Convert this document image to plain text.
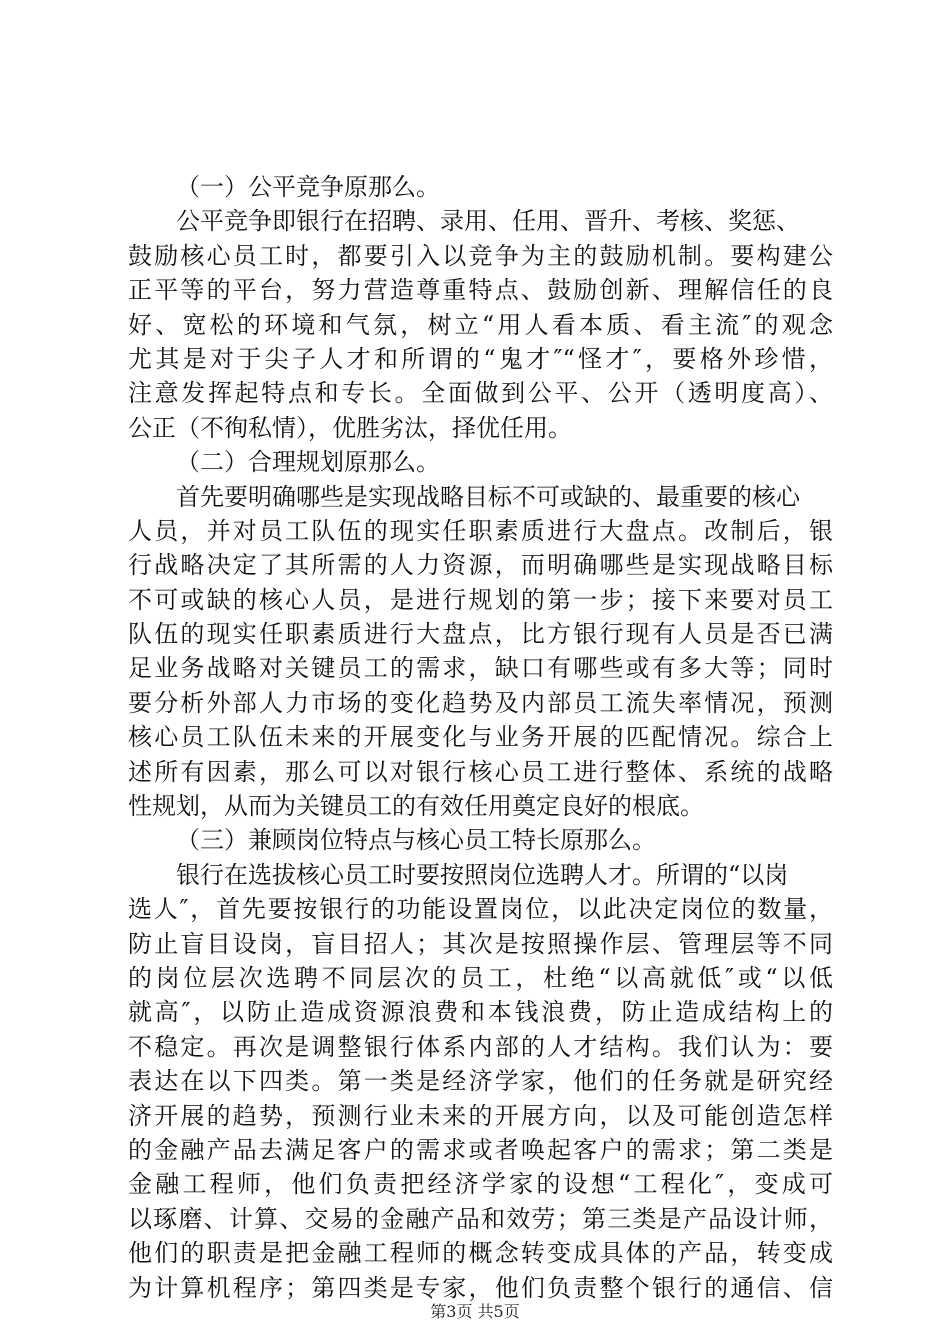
（一）公平竞争原那么。
公平竞争即银行在招聘、录用、任用、晋升、考核、奖惩、
鼓励核心员工时，都要引入以竞争为主的鼓励机制。要构建公
正平等的平台，努力营造尊重特点、鼓励创新、理解信任的良
好、宽松的环境和气氛，树立“用人看本质、看主流″的观念
尤其是对于尖子人才和所谓的“鬼才″“怪才″，要格外珍惜，
注意发挥起特点和专长。全面做到公平、公开（透明度高）、
公正（不徇私情），优胜劣汰，择优任用。
（二）合理规划原那么。
首先要明确哪些是实现战略目标不可或缺的、最重要的核心
人员，并对员工队伍的现实任职素质进行大盘点。改制后，银
行战略决定了其所需的人力资源，而明确哪些是实现战略目标
不可或缺的核心人员，是进行规划的第一步；接下来要对员工
队伍的现实任职素质进行大盘点，比方银行现有人员是否已满
足业务战略对关键员工的需求，缺口有哪些或有多大等；同时
要分析外部人力市场的变化趋势及内部员工流失率情况，预测
核心员工队伍未来的开展变化与业务开展的匹配情况。综合上
述所有因素，那么可以对银行核心员工进行整体、系统的战略
性规划，从而为关键员工的有效任用奠定良好的根底。
（三）兼顾岗位特点与核心员工特长原那么。
银行在选拔核心员工时要按照岗位选聘人才。所谓的“以岗
选人″，首先要按银行的功能设置岗位，以此决定岗位的数量，
防止盲目设岗，盲目招人；其次是按照操作层、管理层等不同
的岗位层次选聘不同层次的员工，杜绝“以高就低″或“以低
就高″，以防止造成资源浪费和本钱浪费，防止造成结构上的
不稳定。再次是调整银行体系内部的人才结构。我们认为：要
表达在以下四类。第一类是经济学家，他们的任务就是研究经
济开展的趋势，预测行业未来的开展方向，以及可能创造怎样
的金融产品去满足客户的需求或者唤起客户的需求；第二类是
金融工程师，他们负责把经济学家的设想“工程化″，变成可
以琢磨、计算、交易的金融产品和效劳；第三类是产品设计师，
他们的职责是把金融工程师的概念转变成具体的产品，转变成
为计算机程序；第四类是专家，他们负责整个银行的通信、信
第3页 共5页
